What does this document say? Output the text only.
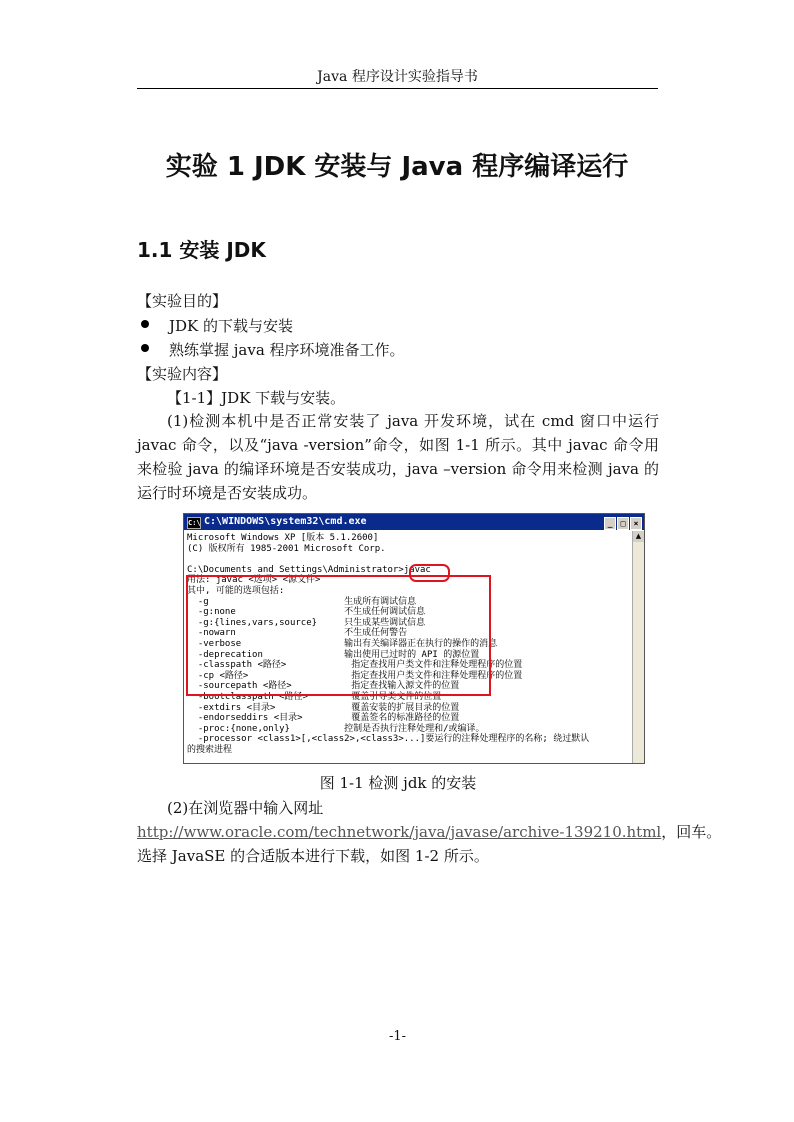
Java 程序设计实验指导书
实验 1 JDK 安装与 Java 程序编译运行
1.1 安装 JDK
【实验目的】
JDK 的下载与安装
熟练掌握 java 程序环境准备工作。
【实验内容】
【1-1】JDK 下载与安装。
(1)检测本机中是否正常安装了 java 开发环境，试在 cmd 窗口中运行 javac 命令，以及“java -version”命令，如图 1-1 所示。其中 javac 命令用来检验 java 的编译环境是否安装成功，java –version 命令用来检测 java 的运行时环境是否安装成功。
C:\ C:\WINDOWS\system32\cmd.exe	_ □ ×
Microsoft Windows XP [版本 5.1.2600]
(C) 版权所有 1985-2001 Microsoft Corp.

C:\Documents and Settings\Administrator>javac
用法: javac <选项> <源文件>
其中, 可能的选项包括:
-g                         生成所有调试信息
-g:none                    不生成任何调试信息
-g:{lines,vars,source}     只生成某些调试信息
-nowarn                    不生成任何警告
-verbose                   输出有关编译器正在执行的操作的消息
-deprecation               输出使用已过时的 API 的源位置
-classpath <路径>            指定查找用户类文件和注释处理程序的位置
-cp <路径>                   指定查找用户类文件和注释处理程序的位置
-sourcepath <路径>           指定查找输入源文件的位置
-bootclasspath <路径>        覆盖引导类文件的位置
-extdirs <目录>              覆盖安装的扩展目录的位置
-endorseddirs <目录>         覆盖签名的标准路径的位置
-proc:{none,only}          控制是否执行注释处理和/或编译。
-processor <class1>[,<class2>,<class3>...]要运行的注释处理程序的名称; 绕过默认
的搜索进程
▲
图 1-1 检测 jdk 的安装
(2)在浏览器中输入网址
http://www.oracle.com/technetwork/java/javase/archive-139210.html，回车。
选择 JavaSE 的合适版本进行下载，如图 1-2 所示。
-1-
